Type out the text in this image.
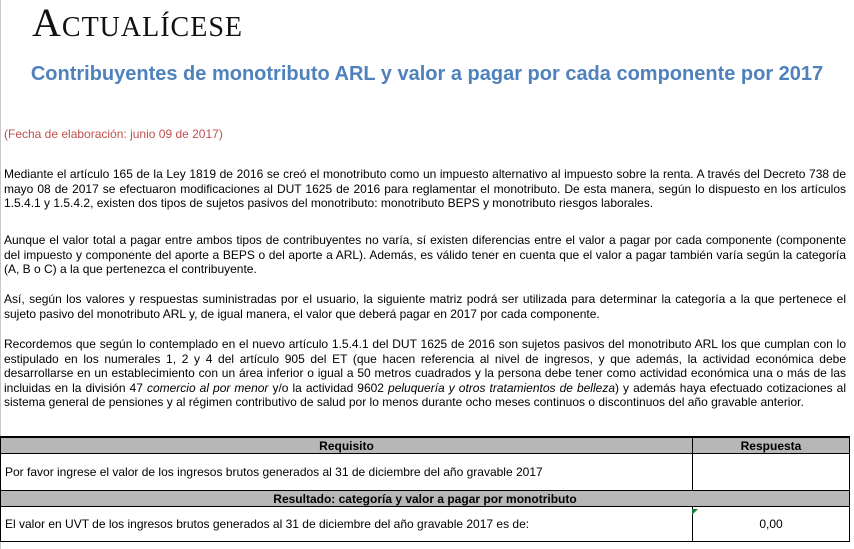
Actualícese
Contribuyentes de monotributo ARL y valor a pagar por cada componente por 2017
(Fecha de elaboración: junio 09 de 2017)

Mediante el artículo 165 de la Ley 1819 de 2016 se creó el monotributo como un impuesto alternativo al impuesto sobre la renta. A través del Decreto 738 de mayo 08 de 2017 se efectuaron modificaciones al DUT 1625 de 2016 para reglamentar el monotributo. De esta manera, según lo dispuesto en los artículos 1.5.4.1 y 1.5.4.2, existen dos tipos de sujetos pasivos del monotributo: monotributo BEPS y monotributo riesgos laborales.

Aunque el valor total a pagar entre ambos tipos de contribuyentes no varía, sí existen diferencias entre el valor a pagar por cada componente (componente del impuesto y componente del aporte a BEPS o del aporte a ARL). Además, es válido tener en cuenta que el valor a pagar también varía según la categoría (A, B o C) a la que pertenezca el contribuyente.

Así, según los valores y respuestas suministradas por el usuario, la siguiente matriz podrá ser utilizada para determinar la categoría a la que pertenece el sujeto pasivo del monotributo ARL y, de igual manera, el valor que deberá pagar en 2017 por cada componente.

Recordemos que según lo contemplado en el nuevo artículo 1.5.4.1 del DUT 1625 de 2016 son sujetos pasivos del monotributo ARL los que cumplan con lo estipulado en los numerales 1, 2 y 4 del artículo 905 del ET (que hacen referencia al nivel de ingresos, y que además, la actividad económica debe desarrollarse en un establecimiento con un área inferior o igual a 50 metros cuadrados y la persona debe tener como actividad económica una o más de las incluidas en la división 47 comercio al por menor y/o la actividad 9602 peluquería y otros tratamientos de belleza) y además haya efectuado cotizaciones al sistema general de pensiones y al régimen contributivo de salud por lo menos durante ocho meses continuos o discontinuos del año gravable anterior.

Requisito	Respuesta
Por favor ingrese el valor de los ingresos brutos generados al 31 de diciembre del año gravable 2017	
Resultado: categoría y valor a pagar por monotributo	
El valor en UVT de los ingresos brutos generados al 31 de diciembre del año gravable 2017 es de:	0,00
